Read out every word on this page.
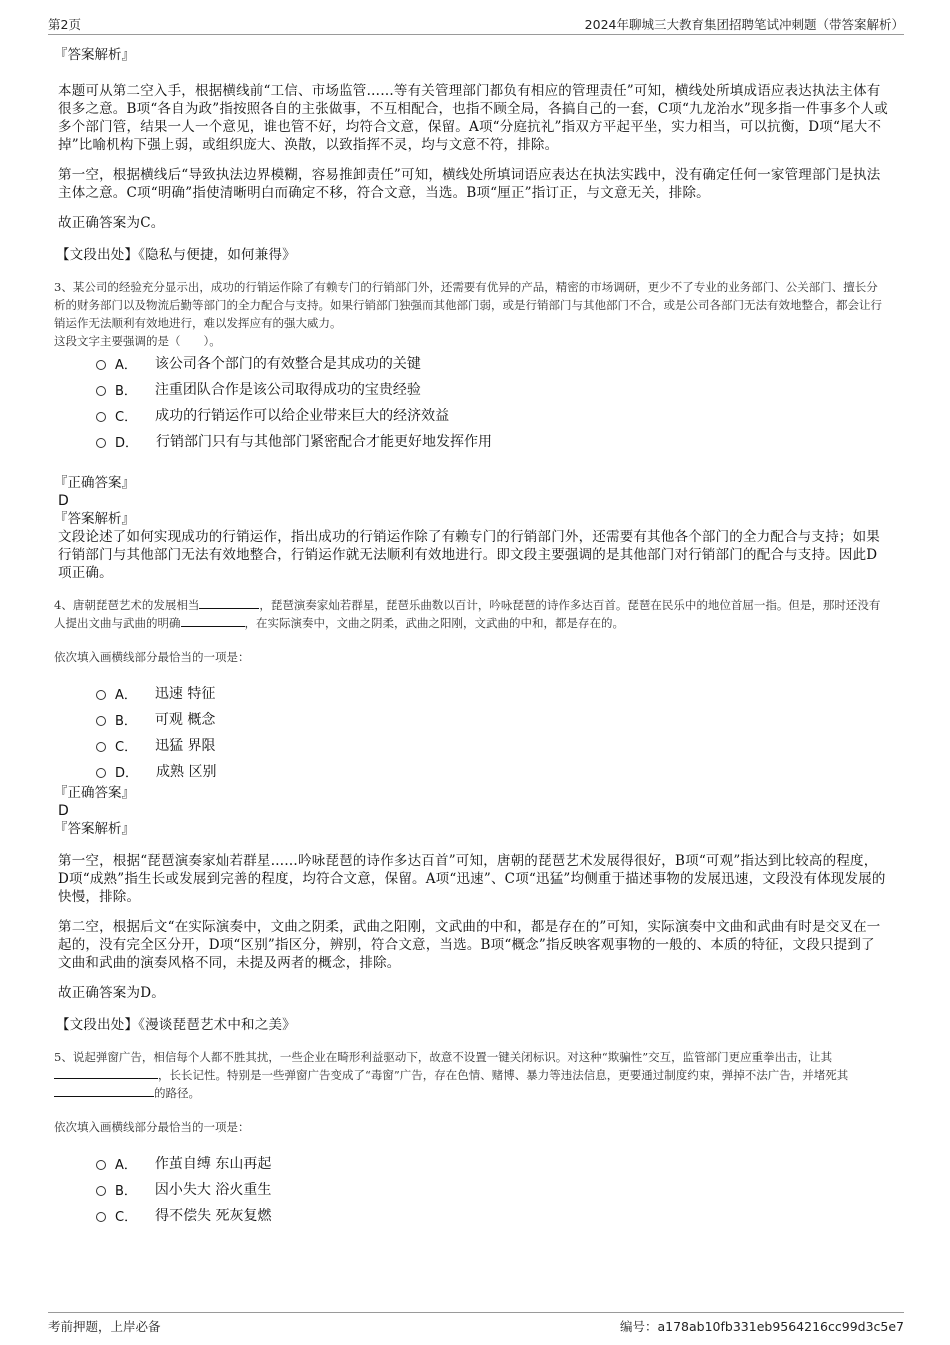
第2页	2024年聊城三大教育集团招聘笔试冲刺题（带答案解析）

『答案解析』

本题可从第二空入手，根据横线前“工信、市场监管……等有关管理部门都负有相应的管理责任”可知，横线处所填成语应表达执法主体有很多之意。B项“各自为政”指按照各自的主张做事，不互相配合，也指不顾全局，各搞自己的一套，C项“九龙治水”现多指一件事多个人或多个部门管，结果一人一个意见，谁也管不好，均符合文意，保留。A项“分庭抗礼”指双方平起平坐，实力相当，可以抗衡，D项“尾大不掉”比喻机构下强上弱，或组织庞大、涣散，以致指挥不灵，均与文意不符，排除。

第一空，根据横线后“导致执法边界模糊，容易推卸责任”可知，横线处所填词语应表达在执法实践中，没有确定任何一家管理部门是执法主体之意。C项“明确”指使清晰明白而确定不移，符合文意，当选。B项“厘正”指订正，与文意无关，排除。

故正确答案为C。

【文段出处】《隐私与便捷，如何兼得》

3、某公司的经验充分显示出，成功的行销运作除了有赖专门的行销部门外，还需要有优异的产品，精密的市场调研，更少不了专业的业务部门、公关部门、擅长分析的财务部门以及物流后勤等部门的全力配合与支持。如果行销部门独强而其他部门弱，或是行销部门与其他部门不合，或是公司各部门无法有效地整合，都会让行销运作无法顺利有效地进行，难以发挥应有的强大威力。

这段文字主要强调的是（　　）。

A． 该公司各个部门的有效整合是其成功的关键
B． 注重团队合作是该公司取得成功的宝贵经验
C． 成功的行销运作可以给企业带来巨大的经济效益
D． 行销部门只有与其他部门紧密配合才能更好地发挥作用

『正确答案』

D

『答案解析』

文段论述了如何实现成功的行销运作，指出成功的行销运作除了有赖专门的行销部门外，还需要有其他各个部门的全力配合与支持；如果行销部门与其他部门无法有效地整合，行销运作就无法顺利有效地进行。即文段主要强调的是其他部门对行销部门的配合与支持。因此D项正确。

4、唐朝琵琶艺术的发展相当	，琵琶演奏家灿若群星，琵琶乐曲数以百计，吟咏琵琶的诗作多达百首。琵琶在民乐中的地位首屈一指。但是，那时还没有人提出文曲与武曲的明确	，在实际演奏中，文曲之阴柔，武曲之阳刚，文武曲的中和，都是存在的。

依次填入画横线部分最恰当的一项是：

A． 迅速 特征
B． 可观 概念
C． 迅猛 界限
D． 成熟 区别

『正确答案』

D

『答案解析』

第一空，根据“琵琶演奏家灿若群星……吟咏琵琶的诗作多达百首”可知，唐朝的琵琶艺术发展得很好，B项“可观”指达到比较高的程度，D项“成熟”指生长或发展到完善的程度，均符合文意，保留。A项“迅速”、C项“迅猛”均侧重于描述事物的发展迅速，文段没有体现发展的快慢，排除。

第二空，根据后文“在实际演奏中，文曲之阴柔，武曲之阳刚，文武曲的中和，都是存在的”可知，实际演奏中文曲和武曲有时是交叉在一起的，没有完全区分开，D项“区别”指区分，辨别，符合文意，当选。B项“概念”指反映客观事物的一般的、本质的特征，文段只提到了文曲和武曲的演奏风格不同，未提及两者的概念，排除。

故正确答案为D。

【文段出处】《漫谈琵琶艺术中和之美》

5、说起弹窗广告，相信每个人都不胜其扰，一些企业在畸形利益驱动下，故意不设置一键关闭标识。对这种“欺骗性”交互，监管部门更应重拳出击，让其，长长记性。特别是一些弹窗广告变成了“毒窗”广告，存在色情、赌博、暴力等违法信息，更要通过制度约束，弹掉不法广告，并堵死其的路径。

依次填入画横线部分最恰当的一项是：

A． 作茧自缚 东山再起
B． 因小失大 浴火重生
C． 得不偿失 死灰复燃
考前押题，上岸必备	编号：a178ab10fb331eb9564216cc99d3c5e7
